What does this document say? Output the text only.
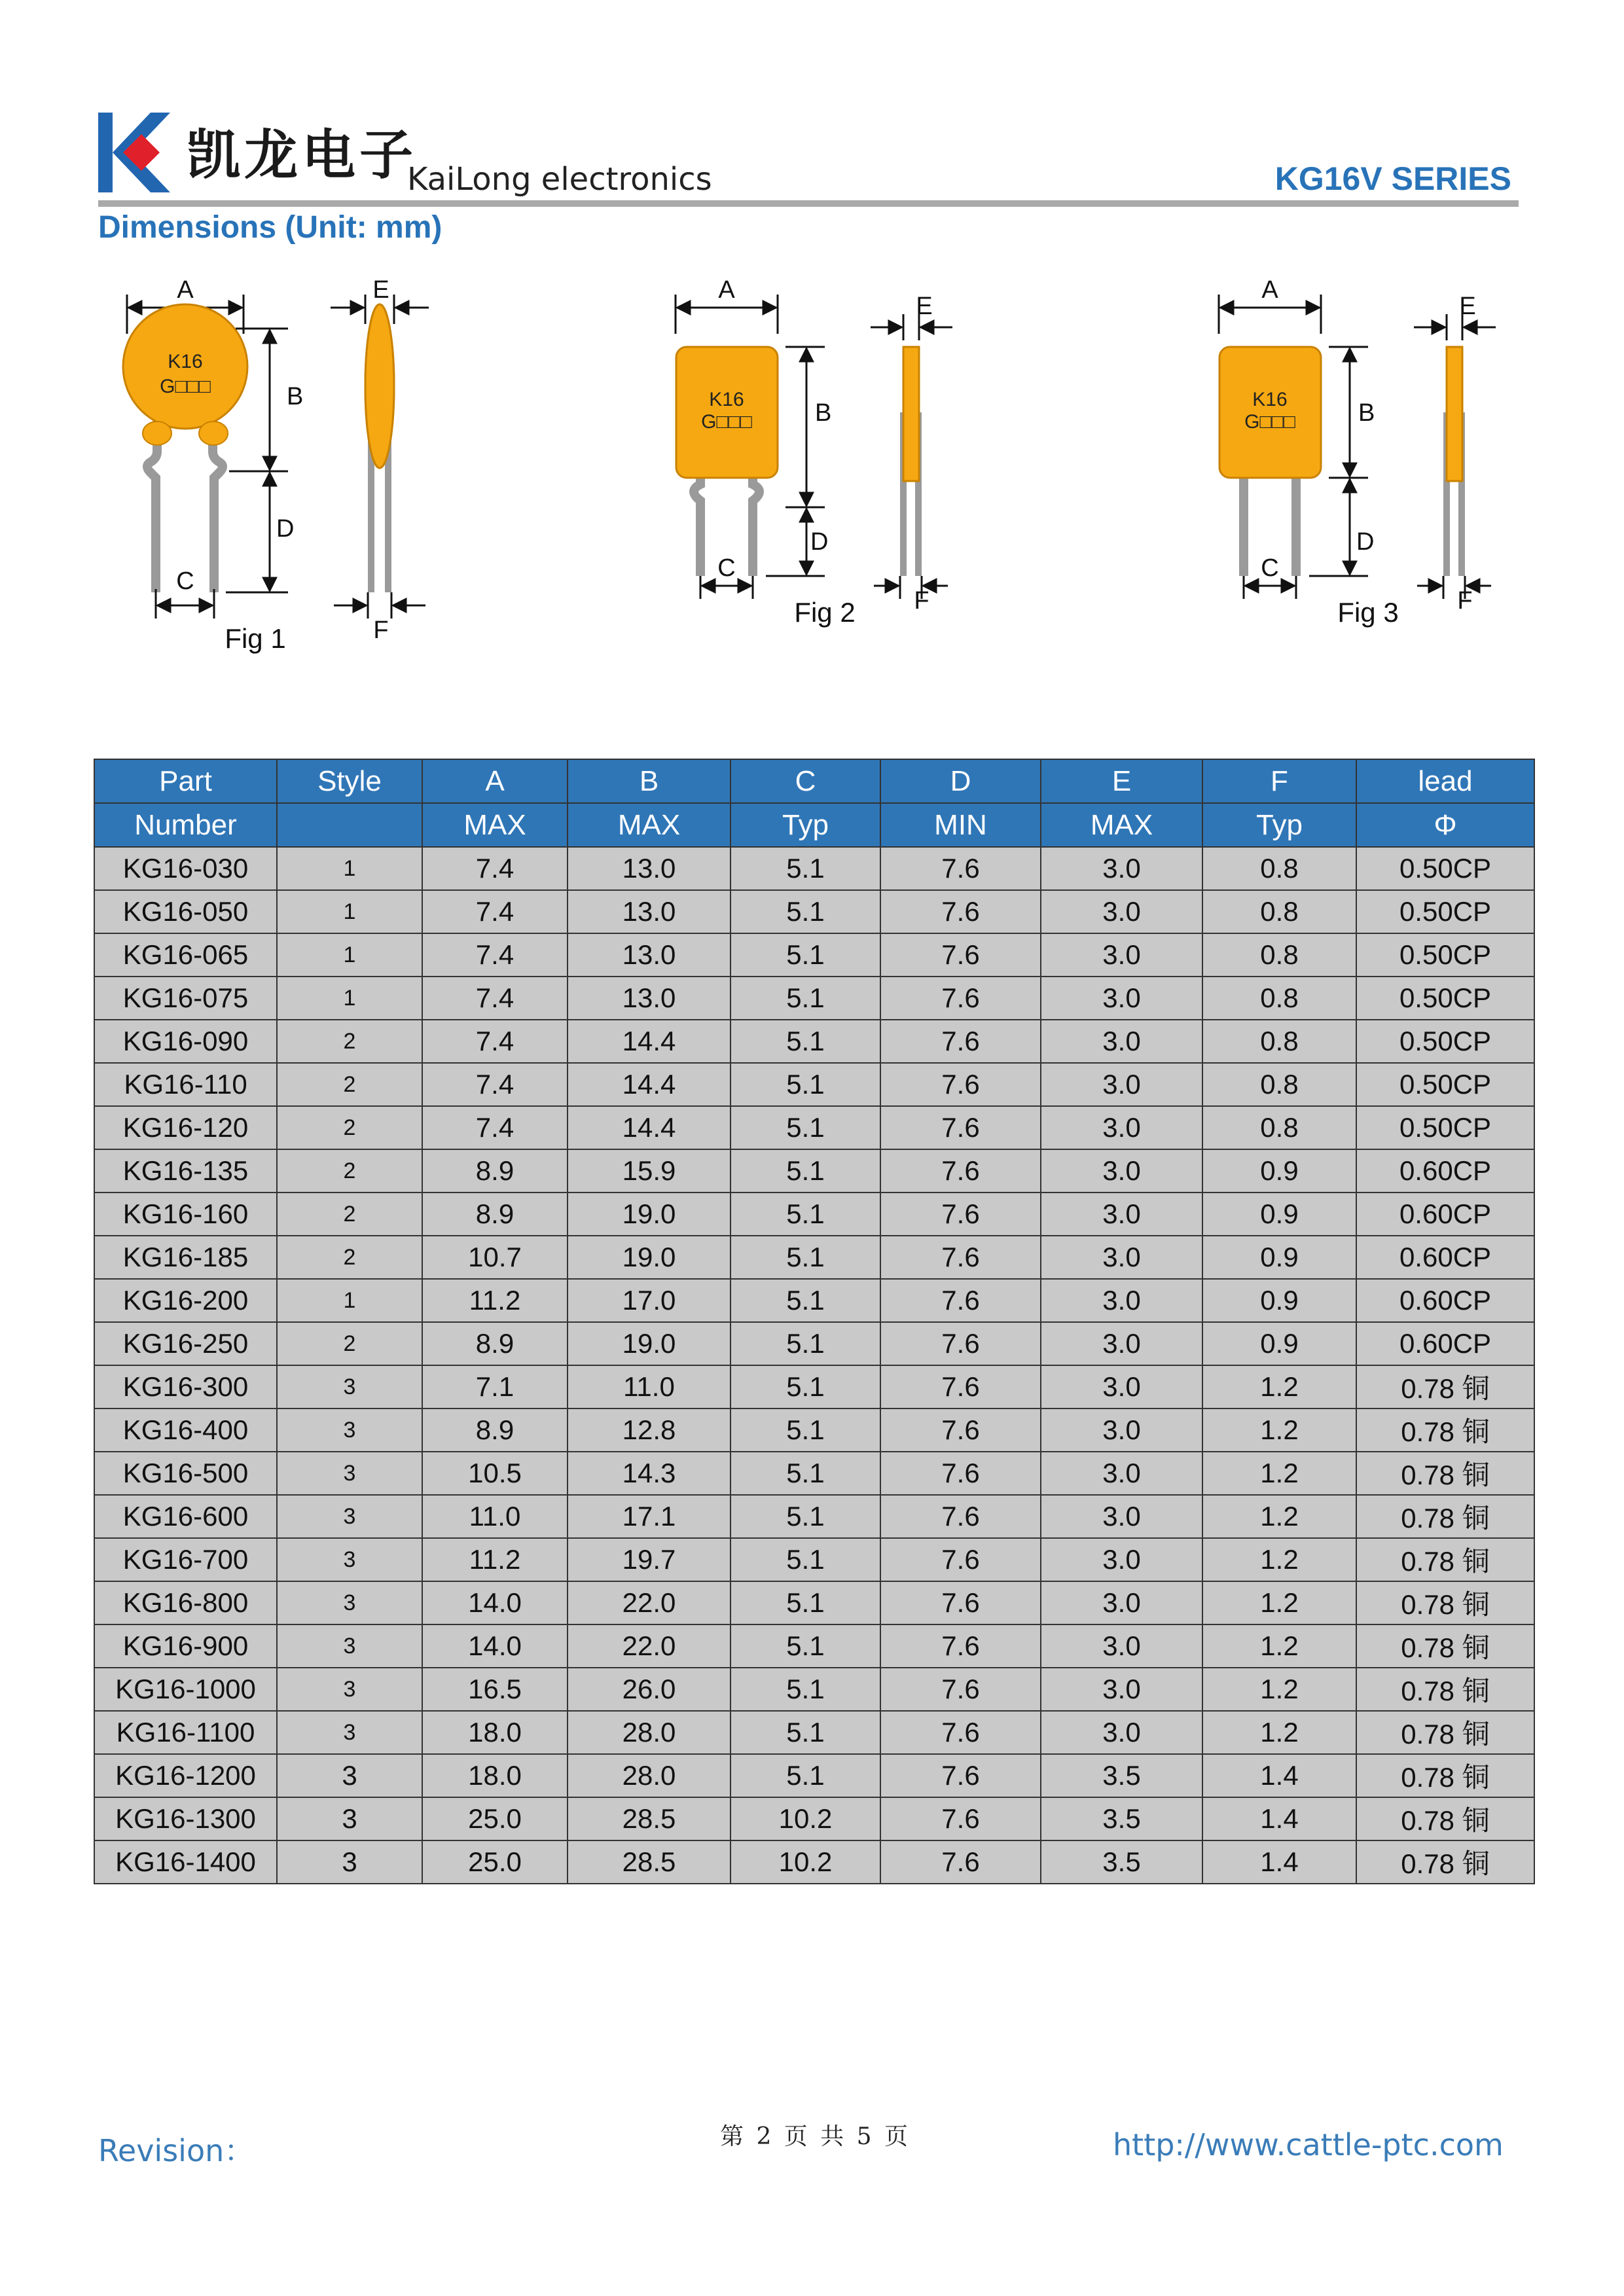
凯龙电子
KaiLong electronics	KG16V SERIES
Dimensions (Unit: mm)
A
K16
G□□□	B
D
C
Fig 1
E
F
A
K16
G□□□	B
D
C
Fig 2
E
F
A
K16
G□□□	B
D
C
Fig 3
E
F
Part	Style	A	B	C	D	E	F	lead
Number		MAX	MAX	Typ	MIN	MAX	Typ	Φ
KG16-030	1	7.4	13.0	5.1	7.6	3.0	0.8	0.50CP
KG16-050	1	7.4	13.0	5.1	7.6	3.0	0.8	0.50CP
KG16-065	1	7.4	13.0	5.1	7.6	3.0	0.8	0.50CP
KG16-075	1	7.4	13.0	5.1	7.6	3.0	0.8	0.50CP
KG16-090	2	7.4	14.4	5.1	7.6	3.0	0.8	0.50CP
KG16-110	2	7.4	14.4	5.1	7.6	3.0	0.8	0.50CP
KG16-120	2	7.4	14.4	5.1	7.6	3.0	0.8	0.50CP
KG16-135	2	8.9	15.9	5.1	7.6	3.0	0.9	0.60CP
KG16-160	2	8.9	19.0	5.1	7.6	3.0	0.9	0.60CP
KG16-185	2	10.7	19.0	5.1	7.6	3.0	0.9	0.60CP
KG16-200	1	11.2	17.0	5.1	7.6	3.0	0.9	0.60CP
KG16-250	2	8.9	19.0	5.1	7.6	3.0	0.9	0.60CP
KG16-300	3	7.1	11.0	5.1	7.6	3.0	1.2	0.78 铜
KG16-400	3	8.9	12.8	5.1	7.6	3.0	1.2	0.78 铜
KG16-500	3	10.5	14.3	5.1	7.6	3.0	1.2	0.78 铜
KG16-600	3	11.0	17.1	5.1	7.6	3.0	1.2	0.78 铜
KG16-700	3	11.2	19.7	5.1	7.6	3.0	1.2	0.78 铜
KG16-800	3	14.0	22.0	5.1	7.6	3.0	1.2	0.78 铜
KG16-900	3	14.0	22.0	5.1	7.6	3.0	1.2	0.78 铜
KG16-1000	3	16.5	26.0	5.1	7.6	3.0	1.2	0.78 铜
KG16-1100	3	18.0	28.0	5.1	7.6	3.0	1.2	0.78 铜
KG16-1200	3	18.0	28.0	5.1	7.6	3.5	1.4	0.78 铜
KG16-1300	3	25.0	28.5	10.2	7.6	3.5	1.4	0.78 铜
KG16-1400	3	25.0	28.5	10.2	7.6	3.5	1.4	0.78 铜
Revision：	第 2 页 共 5 页	http://www.cattle-ptc.com
